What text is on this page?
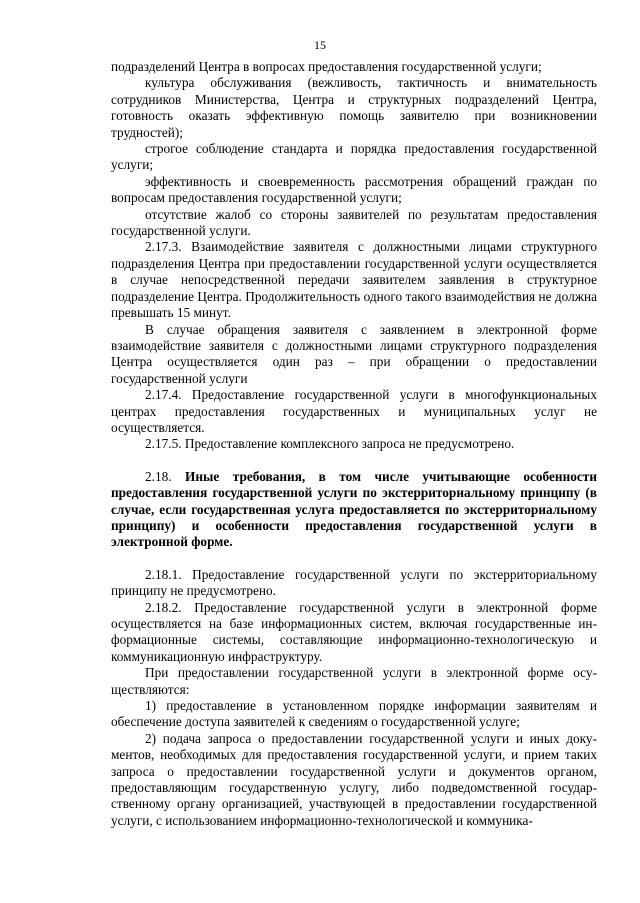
15

подразделений Центра в вопросах предоставления государственной услуги;

культура обслуживания (вежливость, тактичность и внимательность сотрудников Министерства, Центра и структурных подразделений Центра, готовность оказать эффективную помощь заявителю при возникновении трудностей);

строгое соблюдение стандарта и порядка предоставления государственной услуги;

эффективность и своевременность рассмотрения обращений граждан по вопросам предоставления государственной услуги;

отсутствие жалоб со стороны заявителей по результатам предоставления государственной услуги.

2.17.3. Взаимодействие заявителя с должностными лицами структурного подразделения Центра при предоставлении государственной услуги осуществляется в случае непосредственной передачи заявителем заявления в структурное подразделение Центра. Продолжительность одного такого взаимодействия не должна превышать 15 минут.

В случае обращения заявителя с заявлением в электронной форме взаимодействие заявителя с должностными лицами структурного подразделения Центра осуществляется один раз – при обращении о предоставлении государственной услуги

2.17.4. Предоставление государственной услуги в многофункциональных центрах предоставления государственных и муниципальных услуг не осуществляется.

2.17.5. Предоставление комплексного запроса не предусмотрено.

2.18. Иные требования, в том числе учитывающие особенности предоставления государственной услуги по экстерриториальному принципу (в случае, если государственная услуга предоставляется по экстерриториальному принципу) и особенности предоставления государственной услуги в электронной форме.

2.18.1. Предоставление государственной услуги по экстерриториальному принципу не предусмотрено.

2.18.2. Предоставление государственной услуги в электронной форме осуществляется на базе информационных систем, включая государственные информационные системы, составляющие информационно-технологическую и коммуникационную инфраструктуру.

При предоставлении государственной услуги в электронной форме осуществляются:

1) предоставление в установленном порядке информации заявителям и обеспечение доступа заявителей к сведениям о государственной услуге;

2) подача запроса о предоставлении государственной услуги и иных документов, необходимых для предоставления государственной услуги, и прием таких запроса о предоставлении государственной услуги и документов органом, предоставляющим государственную услугу, либо подведомственной государственному органу организацией, участвующей в предоставлении государственной услуги, с использованием информационно-технологической и коммуника-
